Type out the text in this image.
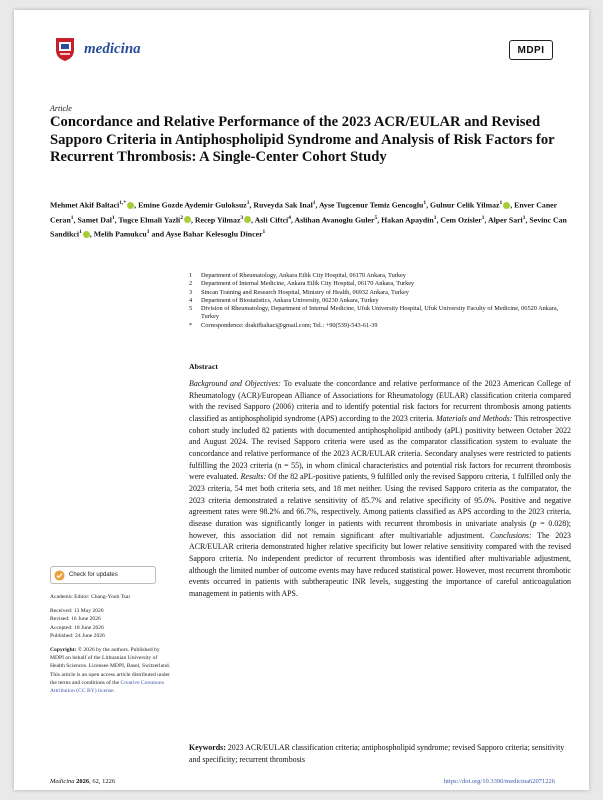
medicina	MDPI
Article
Concordance and Relative Performance of the 2023 ACR/EULAR and Revised Sapporo Criteria in Antiphospholipid Syndrome and Analysis of Risk Factors for Recurrent Thrombosis: A Single-Center Cohort Study
Mehmet Akif Baltaci$^{1,*}$ , Emine Gozde Aydemir Guloksuz$^1$, Ruveyda Sak Inal$^1$, Ayse Tugcenur Temiz Gencoglu$^1$, Gulnur Celik Yilmaz$^1$ , Enver Caner Ceran$^1$, Samet Dal$^1$, Tugce Elmali Yazli$^2$ , Recep Yilmaz$^3$ , Asli Ciftci$^4$, Aslihan Avanoglu Guler$^5$, Hakan Apaydin$^1$, Cem Ozisler$^1$, Alper Sari$^1$, Sevinc Can Sandikci$^1$ , Melih Pamukcu$^1$ and Ayse Bahar Kelesoglu Dincer$^1$
1	Department of Rheumatology, Ankara Etlik City Hospital, 06170 Ankara, Turkey
2	Department of Internal Medicine, Ankara Etlik City Hospital, 06170 Ankara, Turkey
3	Sincan Training and Research Hospital, Ministry of Health, 06932 Ankara, Turkey
4	Department of Biostatistics, Ankara University, 06230 Ankara, Turkey
5	Division of Rheumatology, Department of Internal Medicine, Ufuk University Hospital, Ufuk University Faculty of Medicine, 06520 Ankara, Turkey
*	Correspondence: drakifbaltaci@gmail.com; Tel.: +90(539)-543-61-39
Check for updates

Academic Editor: Chang-Youh Tsai

Received: 13 May 2026

Revised: 16 June 2026

Accepted: 18 June 2026

Published: 24 June 2026

Copyright: © 2026 by the authors. Published by MDPI on behalf of the Lithuanian University of Health Sciences. Licensee MDPI, Basel, Switzerland. This article is an open access article distributed under the terms and conditions of the Creative Commons Attribution (CC BY) license.

Abstract
Background and Objectives: To evaluate the concordance and relative performance of the 2023 American College of Rheumatology (ACR)/European Alliance of Associations for Rheumatology (EULAR) classification criteria compared with the revised Sapporo (2006) criteria and to identify potential risk factors for recurrent thrombosis among patients classified as antiphospholipid syndrome (APS) according to the 2023 criteria. Materials and Methods: This retrospective cohort study included 82 patients with documented antiphospholipid antibody (aPL) positivity between October 2022 and August 2024. The revised Sapporo criteria were used as the comparator classification system to evaluate the concordance and relative performance of the 2023 ACR/EULAR criteria. Secondary analyses were restricted to patients fulfilling the 2023 criteria (n = 55), in whom clinical characteristics and potential risk factors for recurrent thrombosis were evaluated. Results: Of the 82 aPL-positive patients, 9 fulfilled only the revised Sapporo criteria, 1 fulfilled only the 2023 criteria, 54 met both criteria sets, and 18 met neither. Using the revised Sapporo criteria as the comparator, the 2023 criteria demonstrated a relative sensitivity of 85.7% and relative specificity of 95.0%. Positive and negative agreement rates were 98.2% and 66.7%, respectively. Among patients classified as APS according to the 2023 criteria, disease duration was significantly longer in patients with recurrent thrombosis in univariate analysis (p = 0.028); however, this association did not remain significant after multivariable adjustment. Conclusions: The 2023 ACR/EULAR criteria demonstrated higher relative specificity but lower relative sensitivity compared with the revised Sapporo criteria. No independent predictor of recurrent thrombosis was identified after multivariable adjustment, although the limited number of outcome events may have reduced statistical power. However, most recurrent thrombotic events occurred in patients with subtherapeutic INR levels, suggesting the importance of careful anticoagulation management in patients with APS.
Keywords: 2023 ACR/EULAR classification criteria; antiphospholipid syndrome; revised Sapporo criteria; sensitivity and specificity; recurrent thrombosis
Medicina 2026, 62, 1226	https://doi.org/10.3390/medicina62071226
